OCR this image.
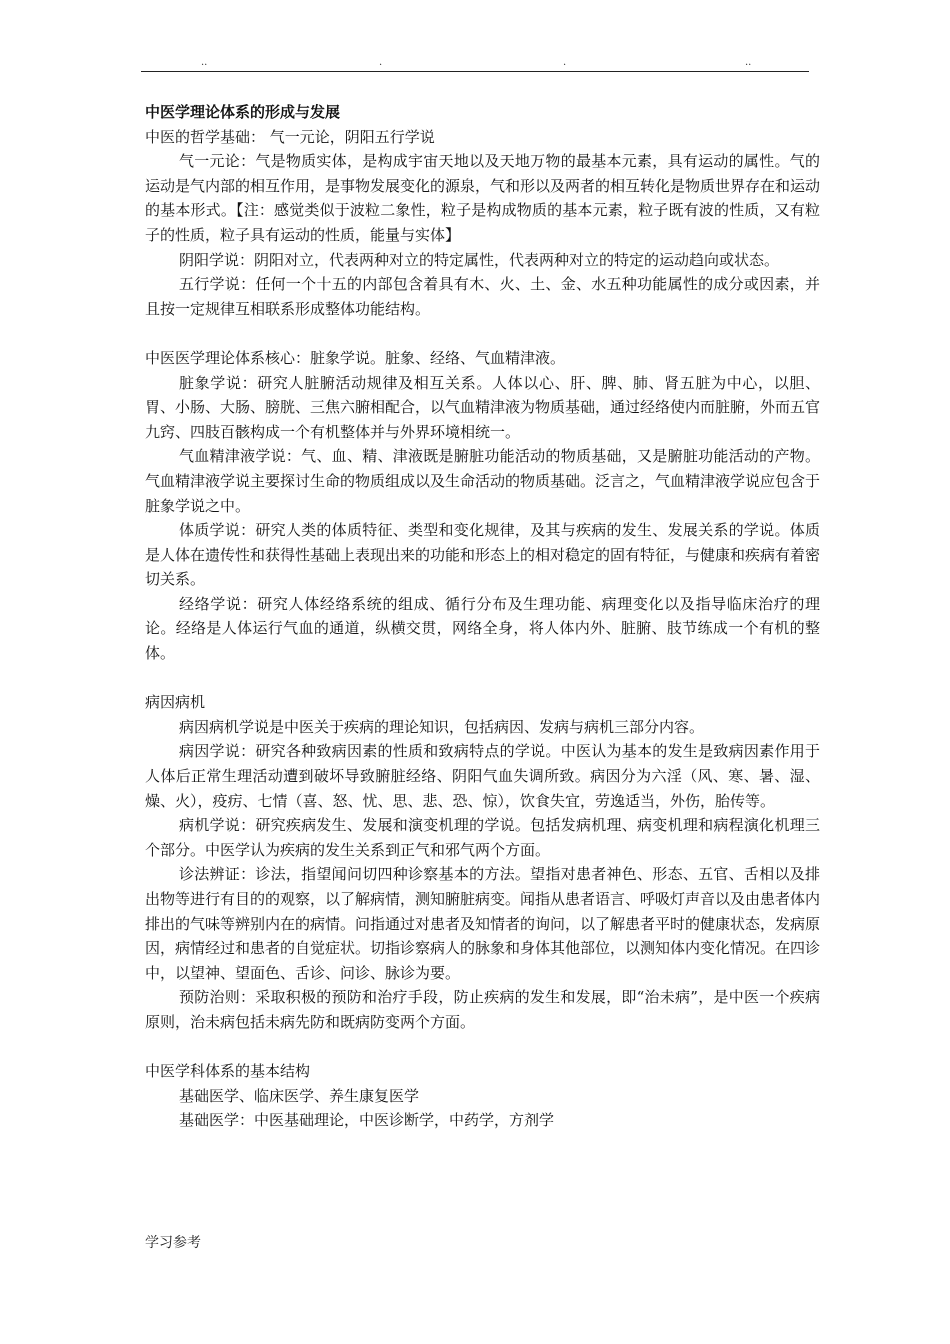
..	.	.	..

中医学理论体系的形成与发展

中医的哲学基础： 气一元论，阴阳五行学说

气一元论：气是物质实体，是构成宇宙天地以及天地万物的最基本元素，具有运动的属性。气的运动是气内部的相互作用，是事物发展变化的源泉，气和形以及两者的相互转化是物质世界存在和运动的基本形式。【注：感觉类似于波粒二象性，粒子是构成物质的基本元素，粒子既有波的性质，又有粒子的性质，粒子具有运动的性质，能量与实体】

阴阳学说：阴阳对立，代表两种对立的特定属性，代表两种对立的特定的运动趋向或状态。

五行学说：任何一个十五的内部包含着具有木、火、土、金、水五种功能属性的成分或因素，并且按一定规律互相联系形成整体功能结构。

中医医学理论体系核心：脏象学说。脏象、经络、气血精津液。

脏象学说：研究人脏腑活动规律及相互关系。人体以心、肝、脾、肺、肾五脏为中心，以胆、胃、小肠、大肠、膀胱、三焦六腑相配合，以气血精津液为物质基础，通过经络使内而脏腑，外而五官九窍、四肢百骸构成一个有机整体并与外界环境相统一。

气血精津液学说：气、血、精、津液既是腑脏功能活动的物质基础，又是腑脏功能活动的产物。气血精津液学说主要探讨生命的物质组成以及生命活动的物质基础。泛言之，气血精津液学说应包含于脏象学说之中。

体质学说：研究人类的体质特征、类型和变化规律，及其与疾病的发生、发展关系的学说。体质是人体在遗传性和获得性基础上表现出来的功能和形态上的相对稳定的固有特征，与健康和疾病有着密切关系。

经络学说：研究人体经络系统的组成、循行分布及生理功能、病理变化以及指导临床治疗的理论。经络是人体运行气血的通道，纵横交贯，网络全身，将人体内外、脏腑、肢节练成一个有机的整体。

病因病机

病因病机学说是中医关于疾病的理论知识，包括病因、发病与病机三部分内容。

病因学说：研究各种致病因素的性质和致病特点的学说。中医认为基本的发生是致病因素作用于人体后正常生理活动遭到破坏导致腑脏经络、阴阳气血失调所致。病因分为六淫（风、寒、暑、湿、燥、火），疫疠、七情（喜、怒、忧、思、悲、恐、惊），饮食失宜，劳逸适当，外伤，胎传等。

病机学说：研究疾病发生、发展和演变机理的学说。包括发病机理、病变机理和病程演化机理三个部分。中医学认为疾病的发生关系到正气和邪气两个方面。

诊法辨证：诊法，指望闻问切四种诊察基本的方法。望指对患者神色、形态、五官、舌相以及排出物等进行有目的的观察，以了解病情，测知腑脏病变。闻指从患者语言、呼吸灯声音以及由患者体内排出的气味等辨别内在的病情。问指通过对患者及知情者的询问，以了解患者平时的健康状态，发病原因，病情经过和患者的自觉症状。切指诊察病人的脉象和身体其他部位，以测知体内变化情况。在四诊中，以望神、望面色、舌诊、问诊、脉诊为要。

预防治则：采取积极的预防和治疗手段，防止疾病的发生和发展，即“治未病”，是中医一个疾病原则，治未病包括未病先防和既病防变两个方面。

中医学科体系的基本结构

基础医学、临床医学、养生康复医学

基础医学：中医基础理论，中医诊断学，中药学，方剂学

学习参考
